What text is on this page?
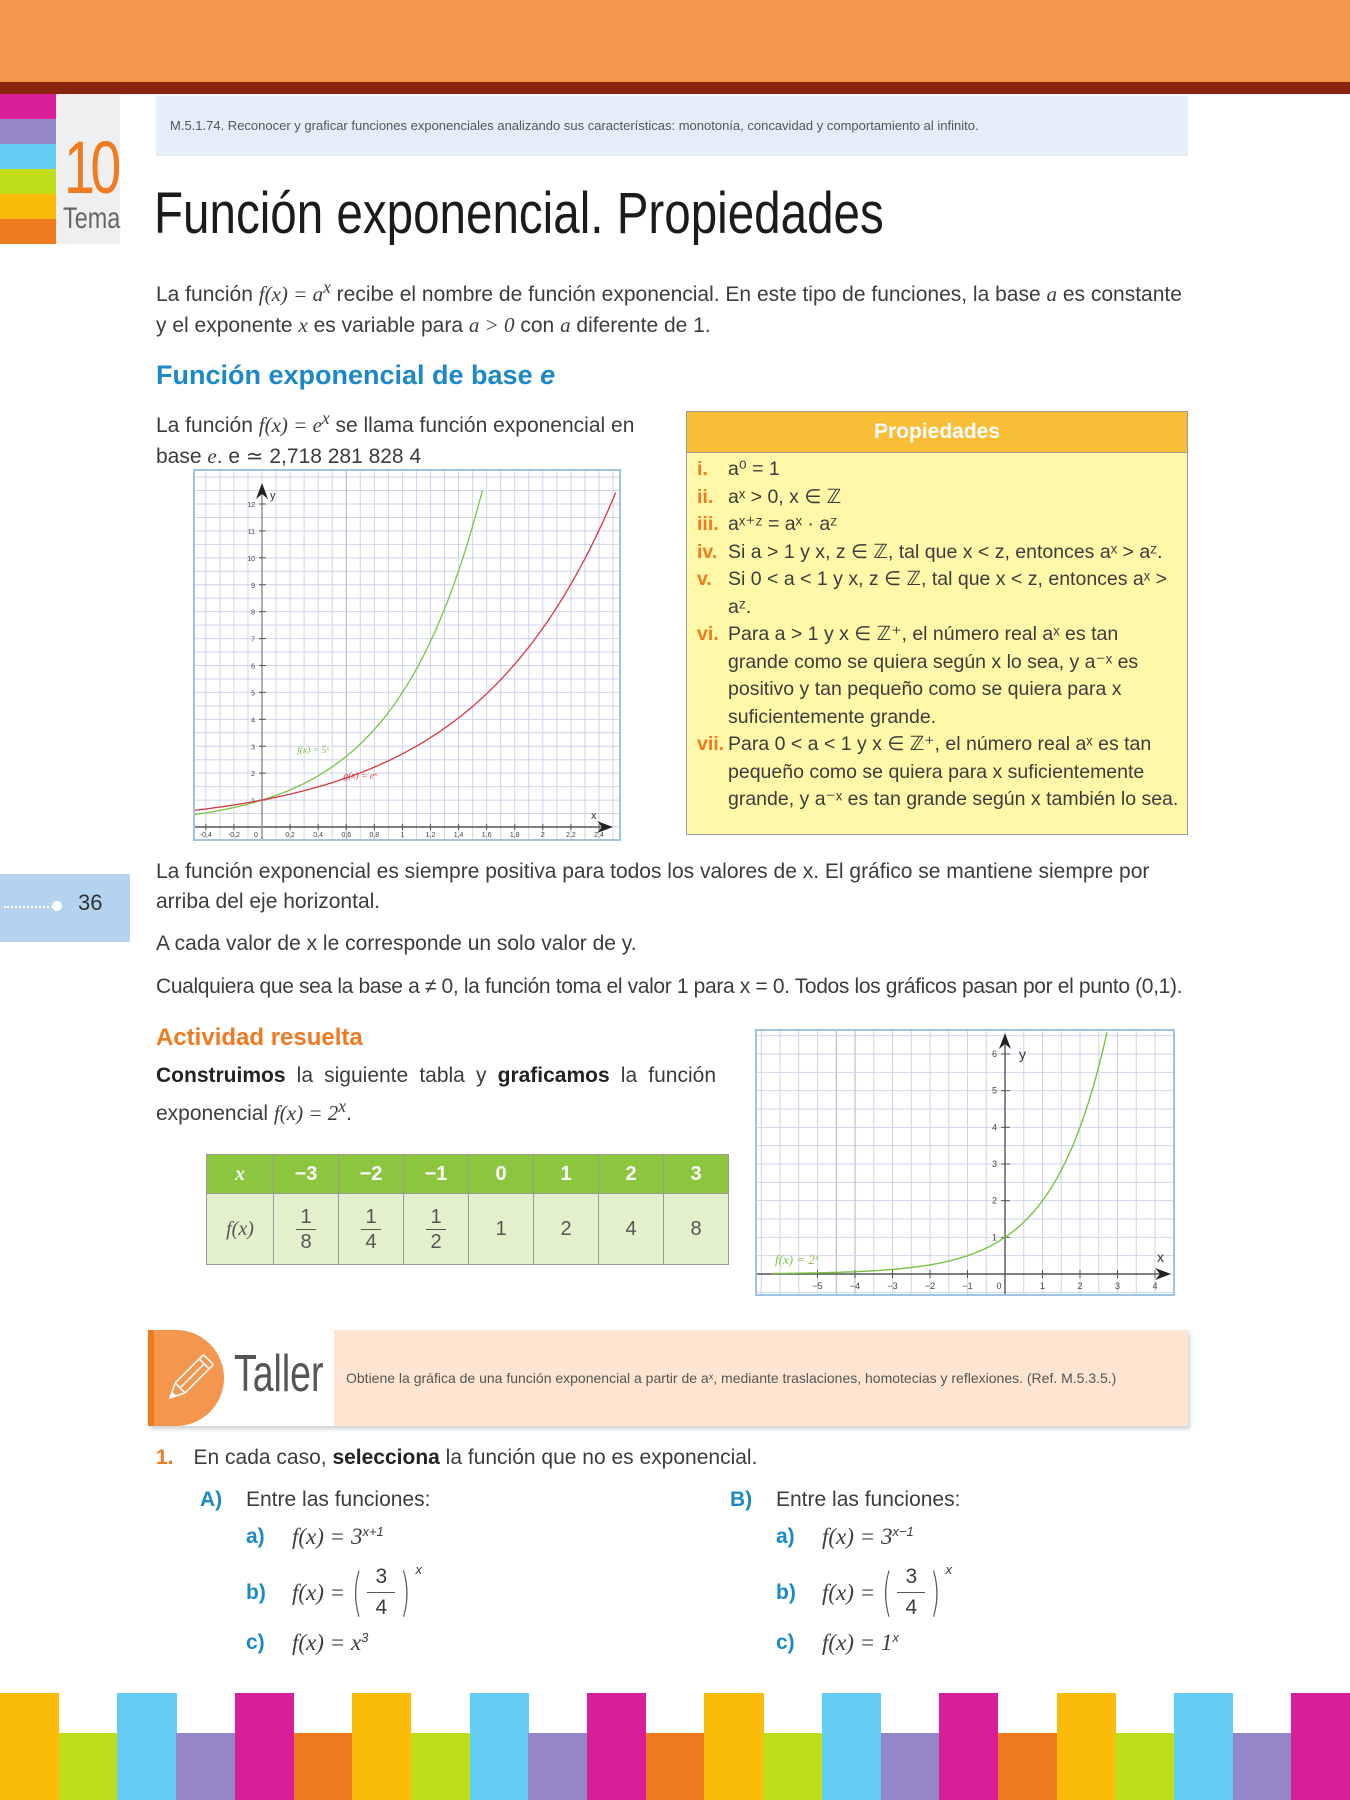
10
Tema
M.5.1.74. Reconocer y graficar funciones exponenciales analizando sus características: monotonía, concavidad y comportamiento al infinito.
Función exponencial. Propiedades
La función $f(x) = a^x$ recibe el nombre de función exponencial. En este tipo de funciones, la base a es constante y el exponente x es variable para a > 0 con a diferente de 1.
Función exponencial de base e
La función $f(x) = e^x$ se llama función exponencial en base e. e ≃ 2,718 281 828 4
y
x
1
2
3
4
5
6
7
8
9
10
11
12
-0,4 -0,2 0	0,2	0,4	0,6	0,8	1	1,2	1,4	1,6	1,8	2	2,2	2,4
f(x) = 5ˣ
g(x) = eˣ
Propiedades
i.	a⁰ = 1
ii. aˣ > 0, x ∈ ℤ
iii. aˣ⁺ᶻ = aˣ · aᶻ
iv. Si a > 1 y x, z ∈ ℤ, tal que x < z, entonces aˣ > aᶻ.
v. Si 0 < a < 1 y x, z ∈ ℤ, tal que x < z, entonces aˣ > aᶻ.
vi. Para a > 1 y x ∈ ℤ⁺, el número real aˣ es tan grande como se quiera según x lo sea, y a⁻ˣ es positivo y tan pequeño como se quiera para x suficientemente grande.
vii. Para 0 < a < 1 y x ∈ ℤ⁺, el número real aˣ es tan pequeño como se quiera para x suficientemente grande, y a⁻ˣ es tan grande según x también lo sea.
La función exponencial es siempre positiva para todos los valores de x. El gráfico se mantiene siempre por arriba del eje horizontal.
A cada valor de x le corresponde un solo valor de y.
Cualquiera que sea la base a ≠ 0, la función toma el valor 1 para x = 0. Todos los gráficos pasan por el punto (0,1).
36
Actividad resuelta
Construimos la siguiente tabla y graficamos la función exponencial $f(x) = 2^x$.
x	−3	−2	−1	0	1	2	3
f(x)	$\frac{1}{8}$	$\frac{1}{4}$	$\frac{1}{2}$	1	2	4	8
y
x
1
2
3
4
5
6
−5	−4	−3	−2	−1	0	1	2	3	4
f(x) = 2ˣ
Taller	Obtiene la gráfica de una función exponencial a partir de aˣ, mediante traslaciones, homotecias y reflexiones. (Ref. M.5.3.5.)
1. En cada caso, selecciona la función que no es exponencial.
A) Entre las funciones:
a)	$f(x) = 3^{x+1}$
b)	f(x) = ( $\frac{3}{4}$ ) $^x$
c)	$f(x) = x^3$
B) Entre las funciones:
a)	$f(x) = 3^{x-1}$
b)	f(x) = ( $\frac{3}{4}$ ) $^x$
c)	$f(x) = 1^x$
